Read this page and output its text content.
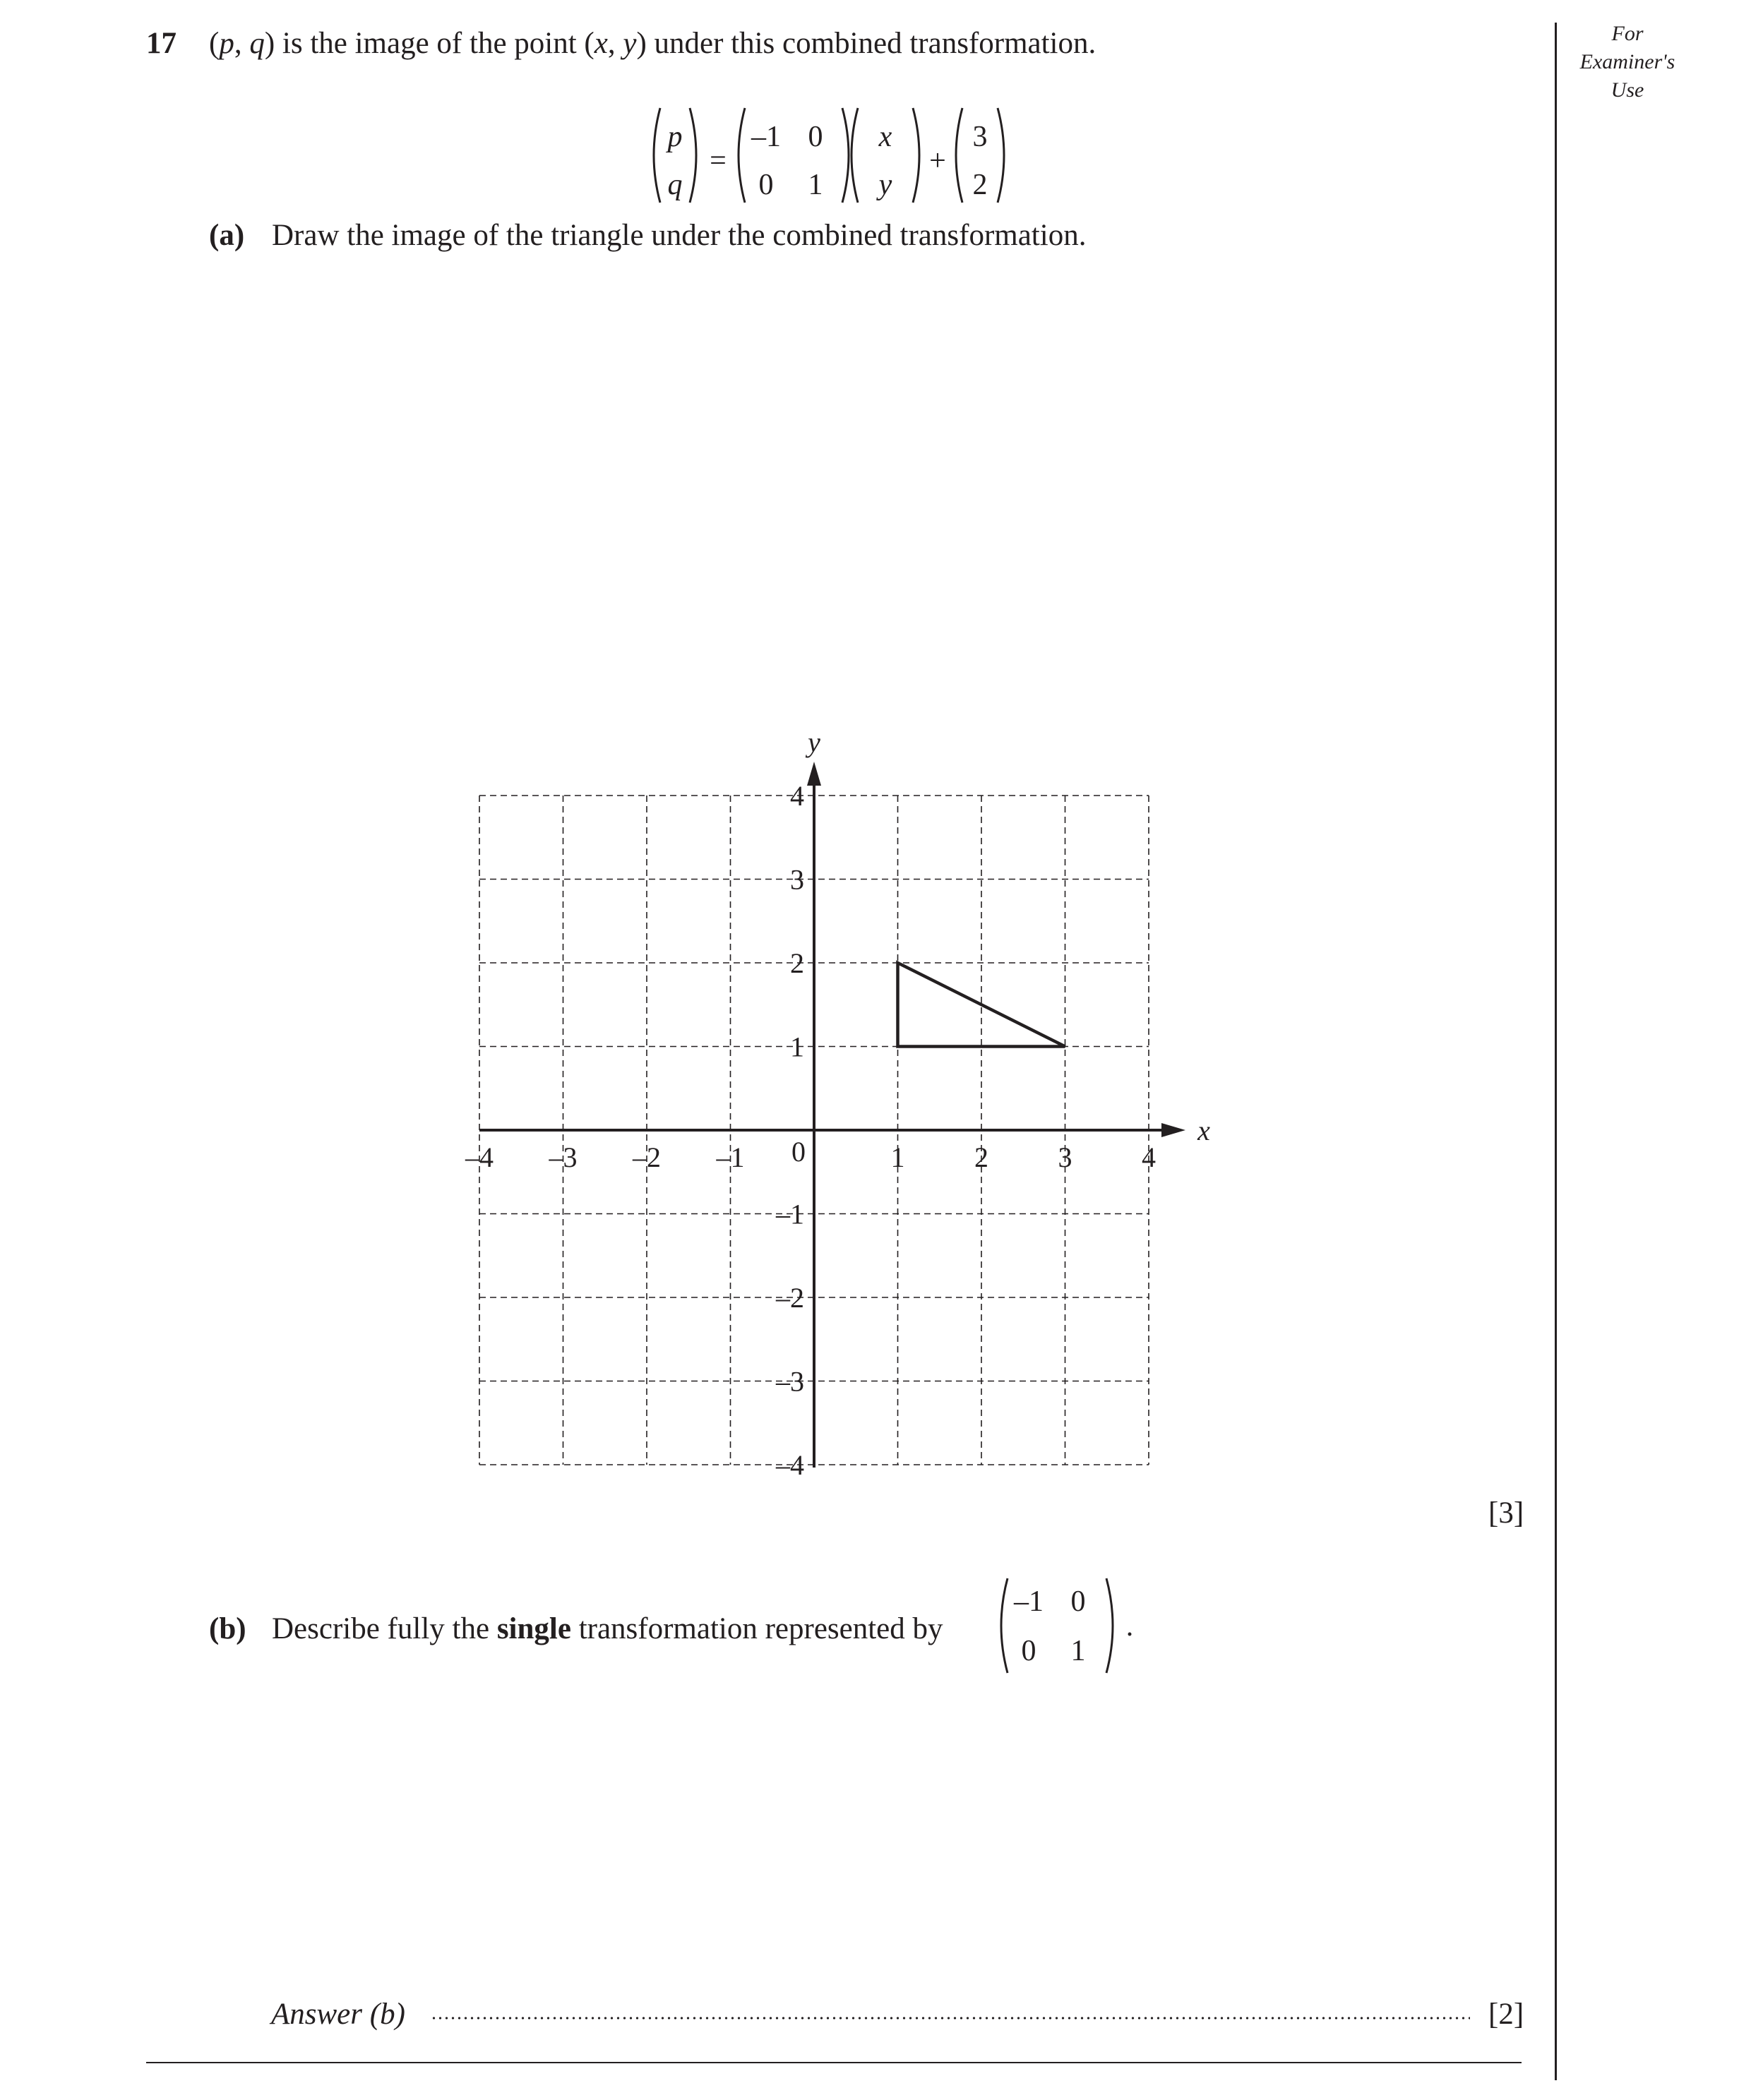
For
Examiner's
Use
17 (p, q) is the image of the point (x, y) under this combined transformation.
p
q
=
–1 0
0	1
x
y
+
3
2
(a) Draw the image of the triangle under the combined transformation.
x
y
–4 –3 –2 –1	1 2 3 4
–4
–3
–2
–1
1
2
3
4
0
[3]
(b) Describe fully the single transformation represented by
–1 0
0	1
.
Answer (b)	[2]
